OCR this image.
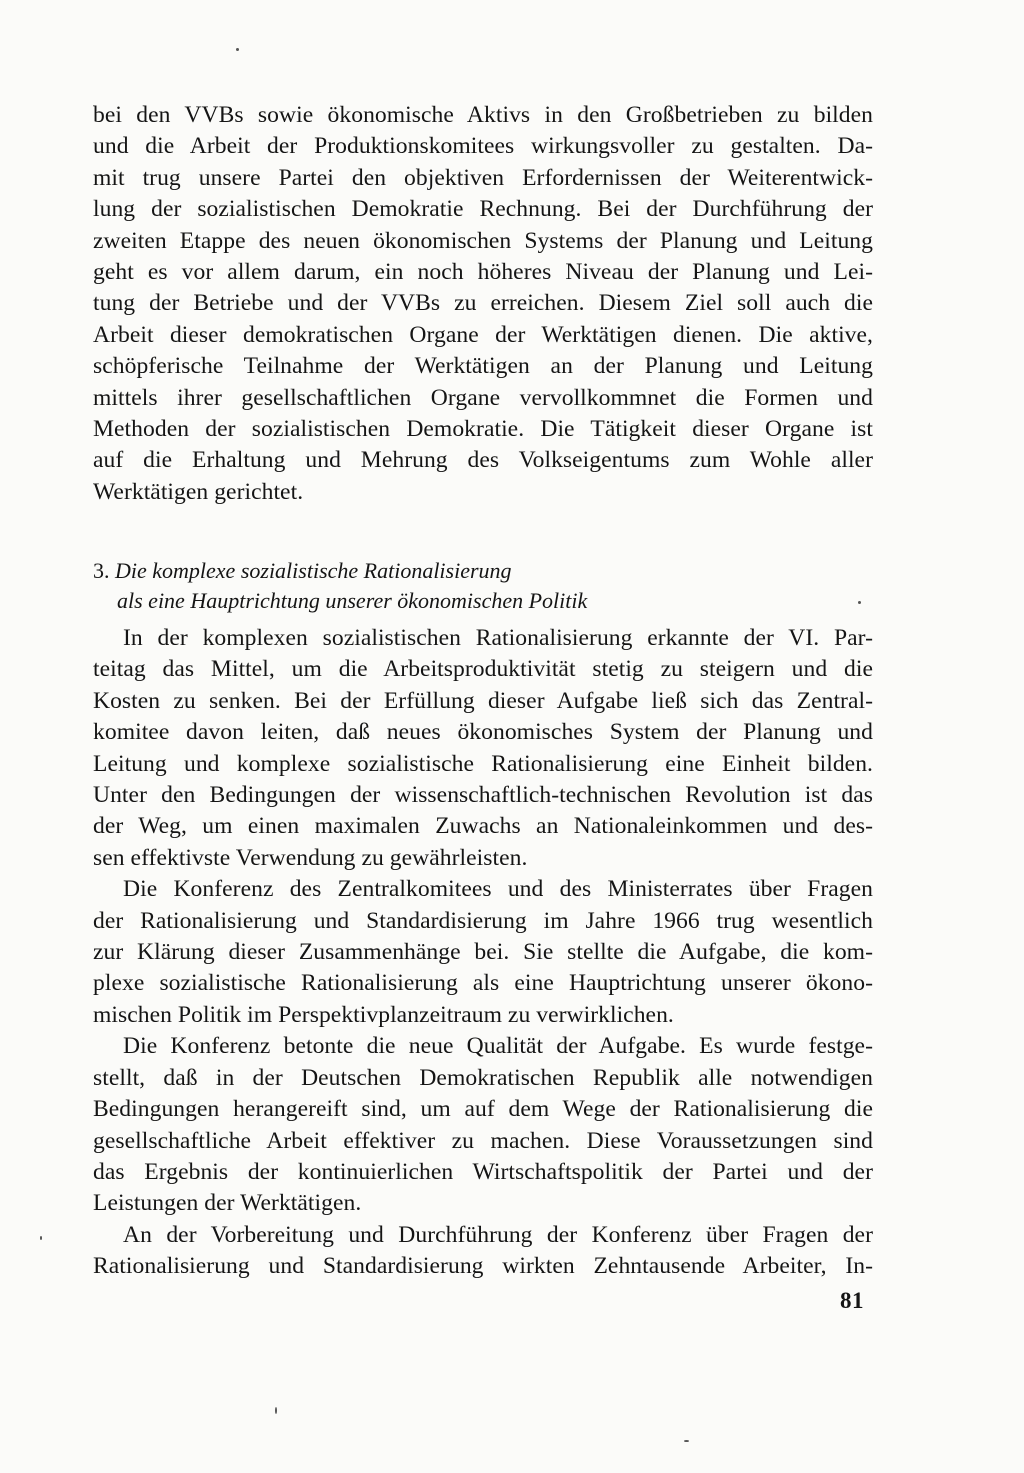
bei den VVBs sowie ökonomische Aktivs in den Großbetrieben zu bilden
und die Arbeit der Produktionskomitees wirkungsvoller zu gestalten. Da-
mit trug unsere Partei den objektiven Erfordernissen der Weiterentwick-
lung der sozialistischen Demokratie Rechnung. Bei der Durchführung der
zweiten Etappe des neuen ökonomischen Systems der Planung und Leitung
geht es vor allem darum, ein noch höheres Niveau der Planung und Lei-
tung der Betriebe und der VVBs zu erreichen. Diesem Ziel soll auch die
Arbeit dieser demokratischen Organe der Werktätigen dienen. Die aktive,
schöpferische Teilnahme der Werktätigen an der Planung und Leitung
mittels ihrer gesellschaftlichen Organe vervollkommnet die Formen und
Methoden der sozialistischen Demokratie. Die Tätigkeit dieser Organe ist
auf die Erhaltung und Mehrung des Volkseigentums zum Wohle aller
Werktätigen gerichtet.
3. Die komplexe sozialistische Rationalisierung
als eine Hauptrichtung unserer ökonomischen Politik
In der komplexen sozialistischen Rationalisierung erkannte der VI. Par-
teitag das Mittel, um die Arbeitsproduktivität stetig zu steigern und die
Kosten zu senken. Bei der Erfüllung dieser Aufgabe ließ sich das Zentral-
komitee davon leiten, daß neues ökonomisches System der Planung und
Leitung und komplexe sozialistische Rationalisierung eine Einheit bilden.
Unter den Bedingungen der wissenschaftlich-technischen Revolution ist das
der Weg, um einen maximalen Zuwachs an Nationaleinkommen und des-
sen effektivste Verwendung zu gewährleisten.
Die Konferenz des Zentralkomitees und des Ministerrates über Fragen
der Rationalisierung und Standardisierung im Jahre 1966 trug wesentlich
zur Klärung dieser Zusammenhänge bei. Sie stellte die Aufgabe, die kom-
plexe sozialistische Rationalisierung als eine Hauptrichtung unserer ökono-
mischen Politik im Perspektivplanzeitraum zu verwirklichen.
Die Konferenz betonte die neue Qualität der Aufgabe. Es wurde festge-
stellt, daß in der Deutschen Demokratischen Republik alle notwendigen
Bedingungen herangereift sind, um auf dem Wege der Rationalisierung die
gesellschaftliche Arbeit effektiver zu machen. Diese Voraussetzungen sind
das Ergebnis der kontinuierlichen Wirtschaftspolitik der Partei und der
Leistungen der Werktätigen.
An der Vorbereitung und Durchführung der Konferenz über Fragen der
Rationalisierung und Standardisierung wirkten Zehntausende Arbeiter, In-
81
